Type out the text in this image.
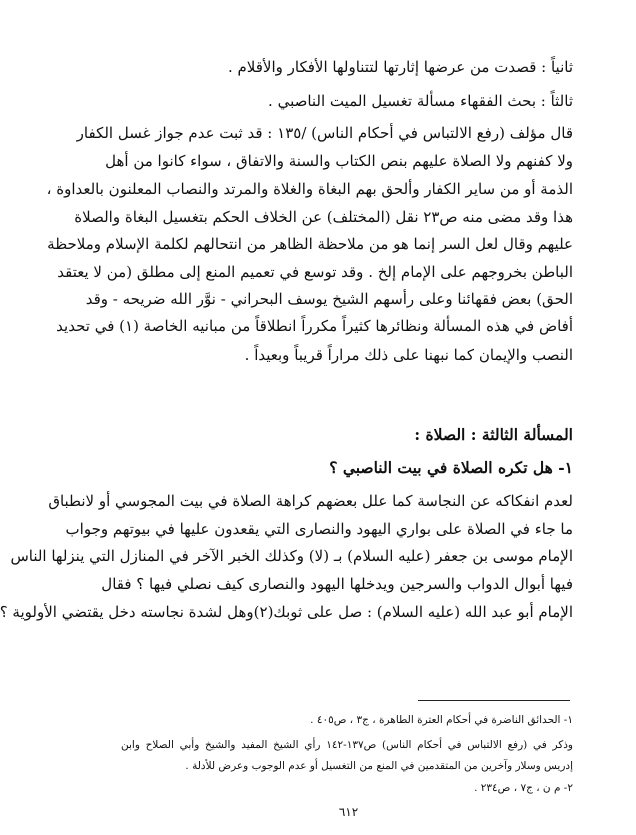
ثانياً : قصدت من عرضها إثارتها لتتناولها الأفكار والأقلام .
ثالثاً : بحث الفقهاء مسألة تغسيل الميت الناصبي .
قال مؤلف (رفع الالتباس في أحكام الناس) /١٣٥ : قد ثبت عدم جواز غسل الكفار
ولا كفنهم ولا الصلاة عليهم بنص الكتاب والسنة والاتفاق ، سواء كانوا من أهل
الذمة أو من ساير الكفار وألحق بهم البغاة والغلاة والمرتد والنصاب المعلنون بالعداوة ،
هذا وقد مضى منه ص٢٣ نقل (المختلف) عن الخلاف الحكم بتغسيل البغاة والصلاة
عليهم وقال لعل السر إنما هو من ملاحظة الظاهر من انتحالهم لكلمة الإسلام وملاحظة
الباطن بخروجهم على الإمام إلخ . وقد توسع في تعميم المنع إلى مطلق (من لا يعتقد
الحق) بعض فقهائنا وعلى رأسهم الشيخ يوسف البحراني - نوَّر الله ضريحه - وقد
أفاض في هذه المسألة ونظائرها كثيراً مكرراً انطلاقاً من مبانيه الخاصة (١) في تحديد
النصب والإيمان كما نبهنا على ذلك مراراً قريباً وبعيداً .
المسألة الثالثة : الصلاة :
١- هل تكره الصلاة في بيت الناصبي ؟
لعدم انفكاكه عن النجاسة كما علل بعضهم كراهة الصلاة في بيت المجوسي أو لانطباق
ما جاء في الصلاة على بواري اليهود والنصارى التي يقعدون عليها في بيوتهم وجواب
الإمام موسى بن جعفر (عليه السلام) بـ (لا) وكذلك الخبر الآخر في المنازل التي ينزلها الناس
فيها أبوال الدواب والسرجين ويدخلها اليهود والنصارى كيف نصلي فيها ؟ فقال
الإمام أبو عبد الله (عليه السلام) : صل على ثوبك(٢)وهل لشدة نجاسته دخل يقتضي الأولوية ؟
١- الحدائق الناضرة في أحكام العترة الطاهرة ، ج٣ ، ص٤٠٥ .
وذكر في (رفع الالتباس في أحكام الناس) ص١٣٧-١٤٢ رأي الشيخ المفيد والشيخ وأبي الصلاح وابن
إدريس وسلار وآخرين من المتقدمين في المنع من التغسيل أو عدم الوجوب وعرض للأدلة .
٢- م ن ، ج٧ ، ص٢٣٤ .
٦١٢
